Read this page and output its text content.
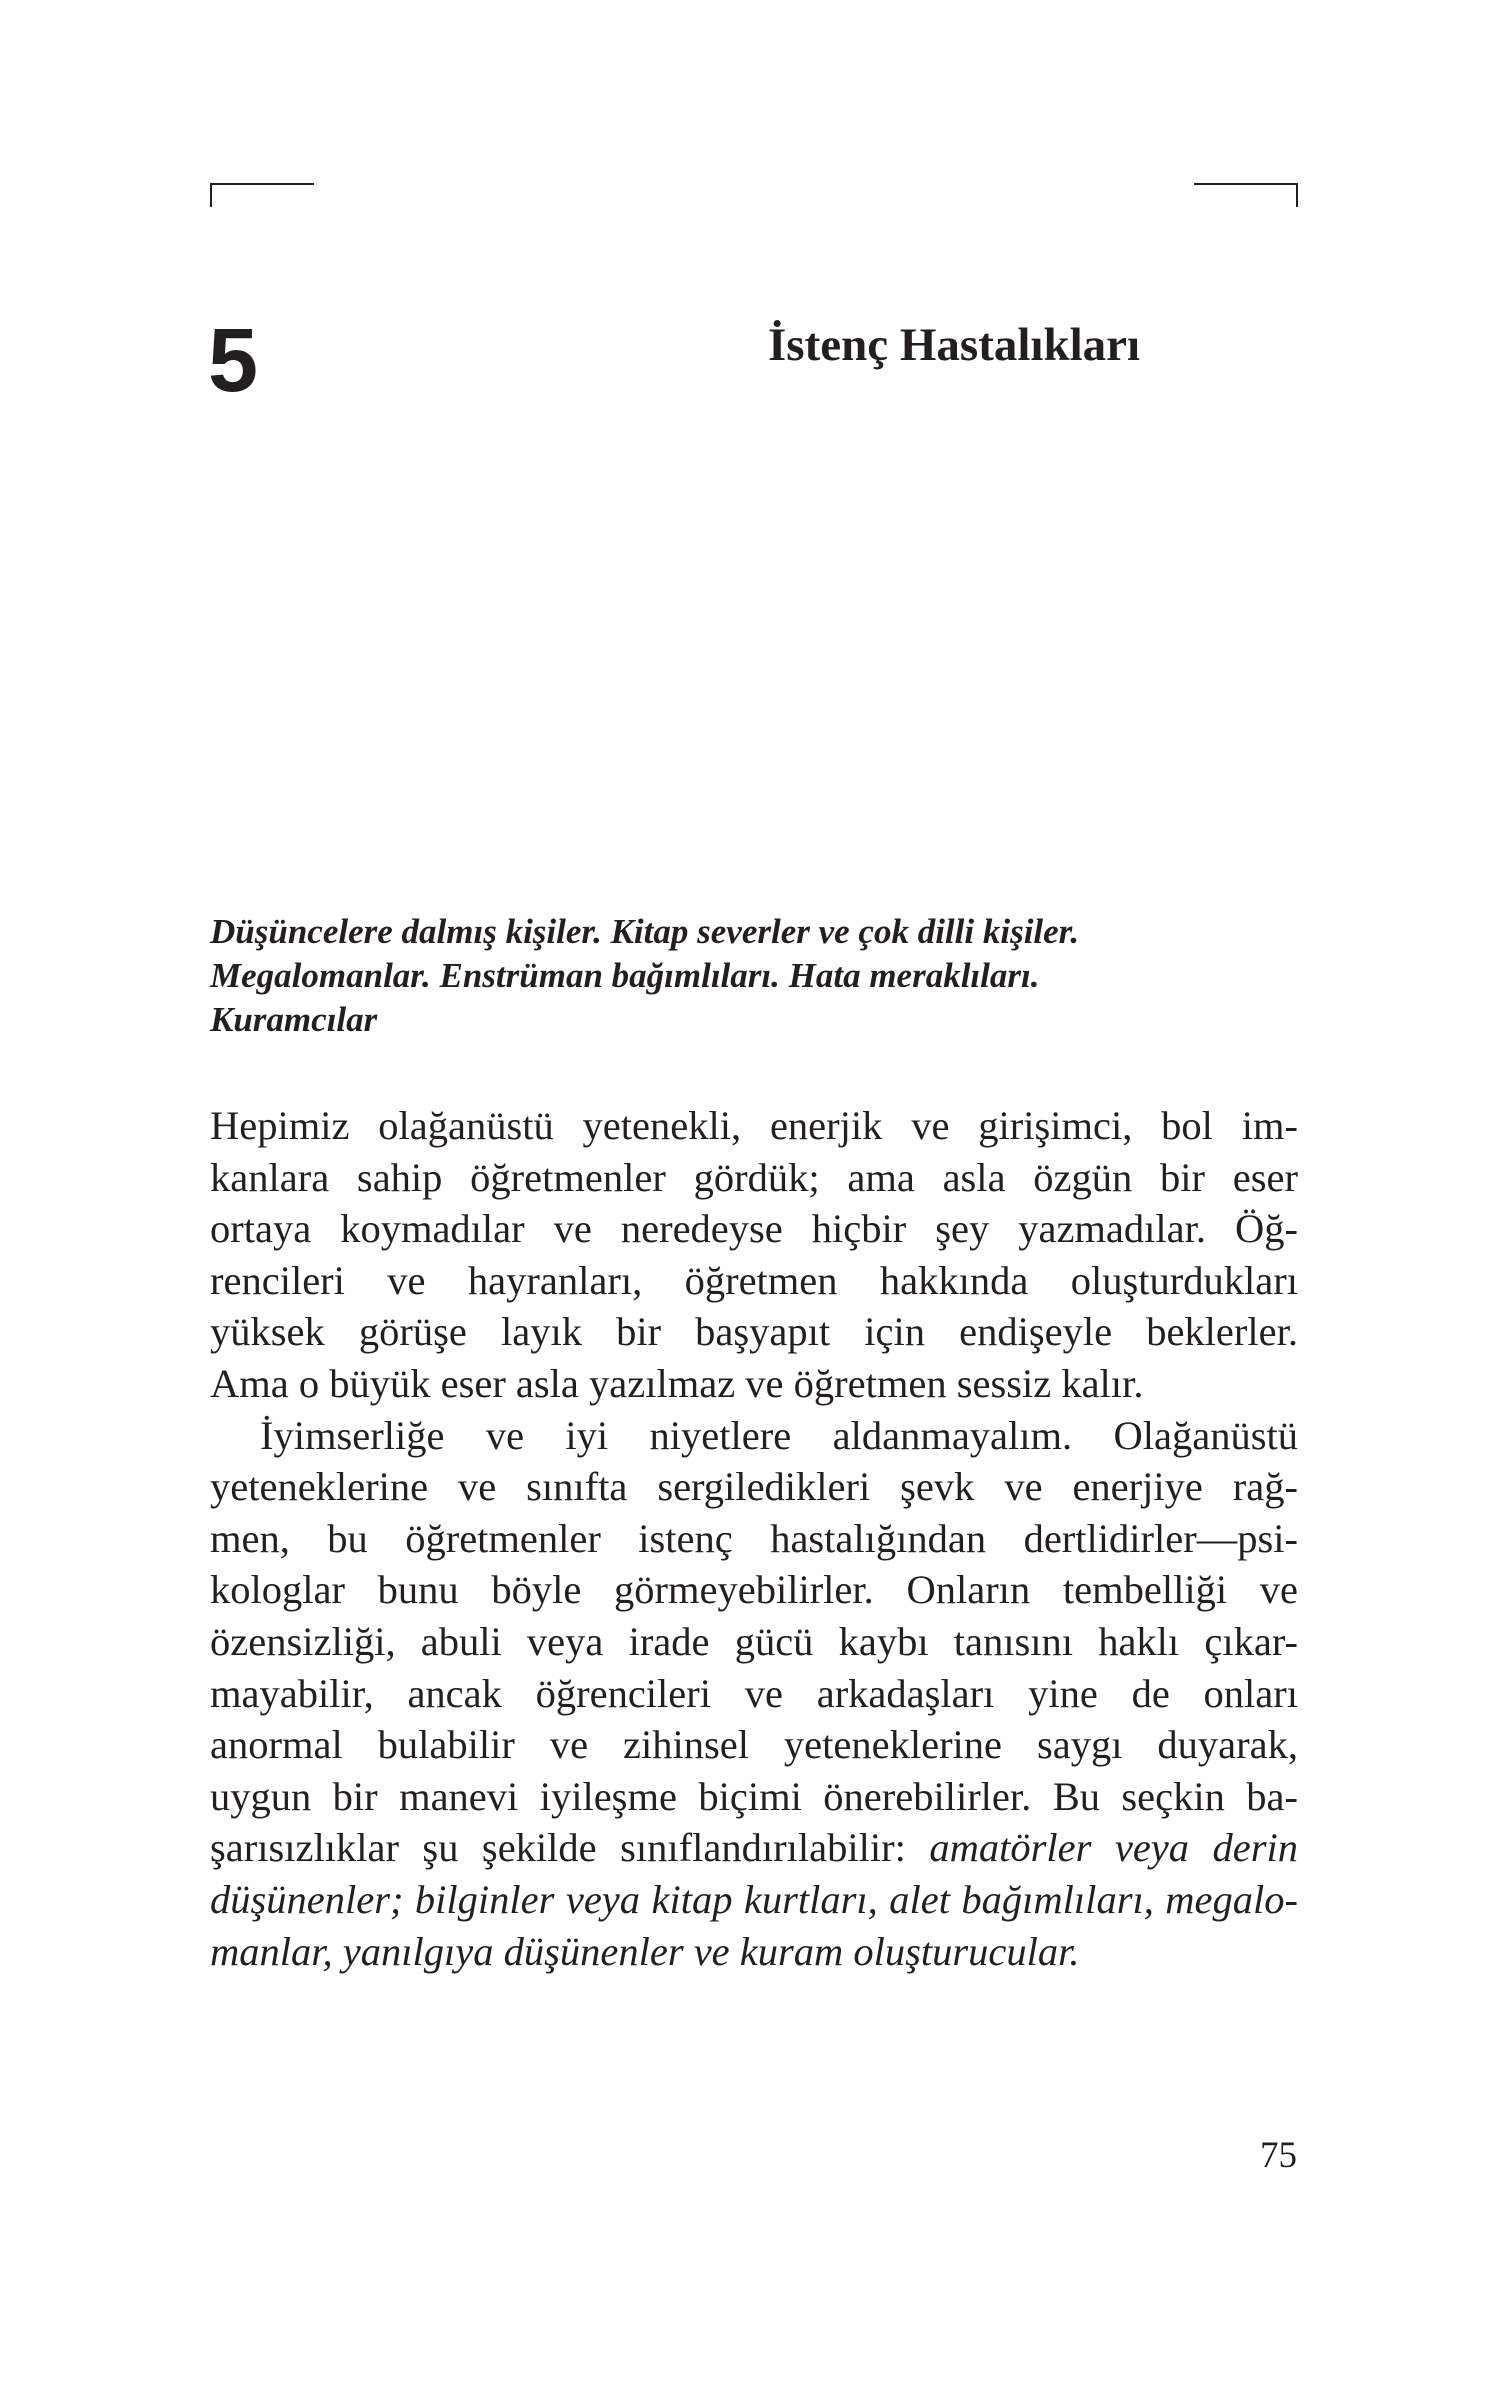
5	İstenç Hastalıkları
Düşüncelere dalmış kişiler. Kitap severler ve çok dilli kişiler.
Megalomanlar. Enstrüman bağımlıları. Hata meraklıları.
Kuramcılar
Hepimiz olağanüstü yetenekli, enerjik ve girişimci, bol im-
kanlara sahip öğretmenler gördük; ama asla özgün bir eser
ortaya koymadılar ve neredeyse hiçbir şey yazmadılar. Öğ-
rencileri ve hayranları, öğretmen hakkında oluşturdukları
yüksek görüşe layık bir başyapıt için endişeyle beklerler.
Ama o büyük eser asla yazılmaz ve öğretmen sessiz kalır.
İyimserliğe ve iyi niyetlere aldanmayalım. Olağanüstü
yeteneklerine ve sınıfta sergiledikleri şevk ve enerjiye rağ-
men, bu öğretmenler istenç hastalığından dertlidirler—psi-
kologlar bunu böyle görmeyebilirler. Onların tembelliği ve
özensizliği, abuli veya irade gücü kaybı tanısını haklı çıkar-
mayabilir, ancak öğrencileri ve arkadaşları yine de onları
anormal bulabilir ve zihinsel yeteneklerine saygı duyarak,
uygun bir manevi iyileşme biçimi önerebilirler. Bu seçkin ba-
şarısızlıklar şu şekilde sınıflandırılabilir: amatörler veya derin
düşünenler; bilginler veya kitap kurtları, alet bağımlıları, megalo-
manlar, yanılgıya düşünenler ve kuram oluşturucular.
75
